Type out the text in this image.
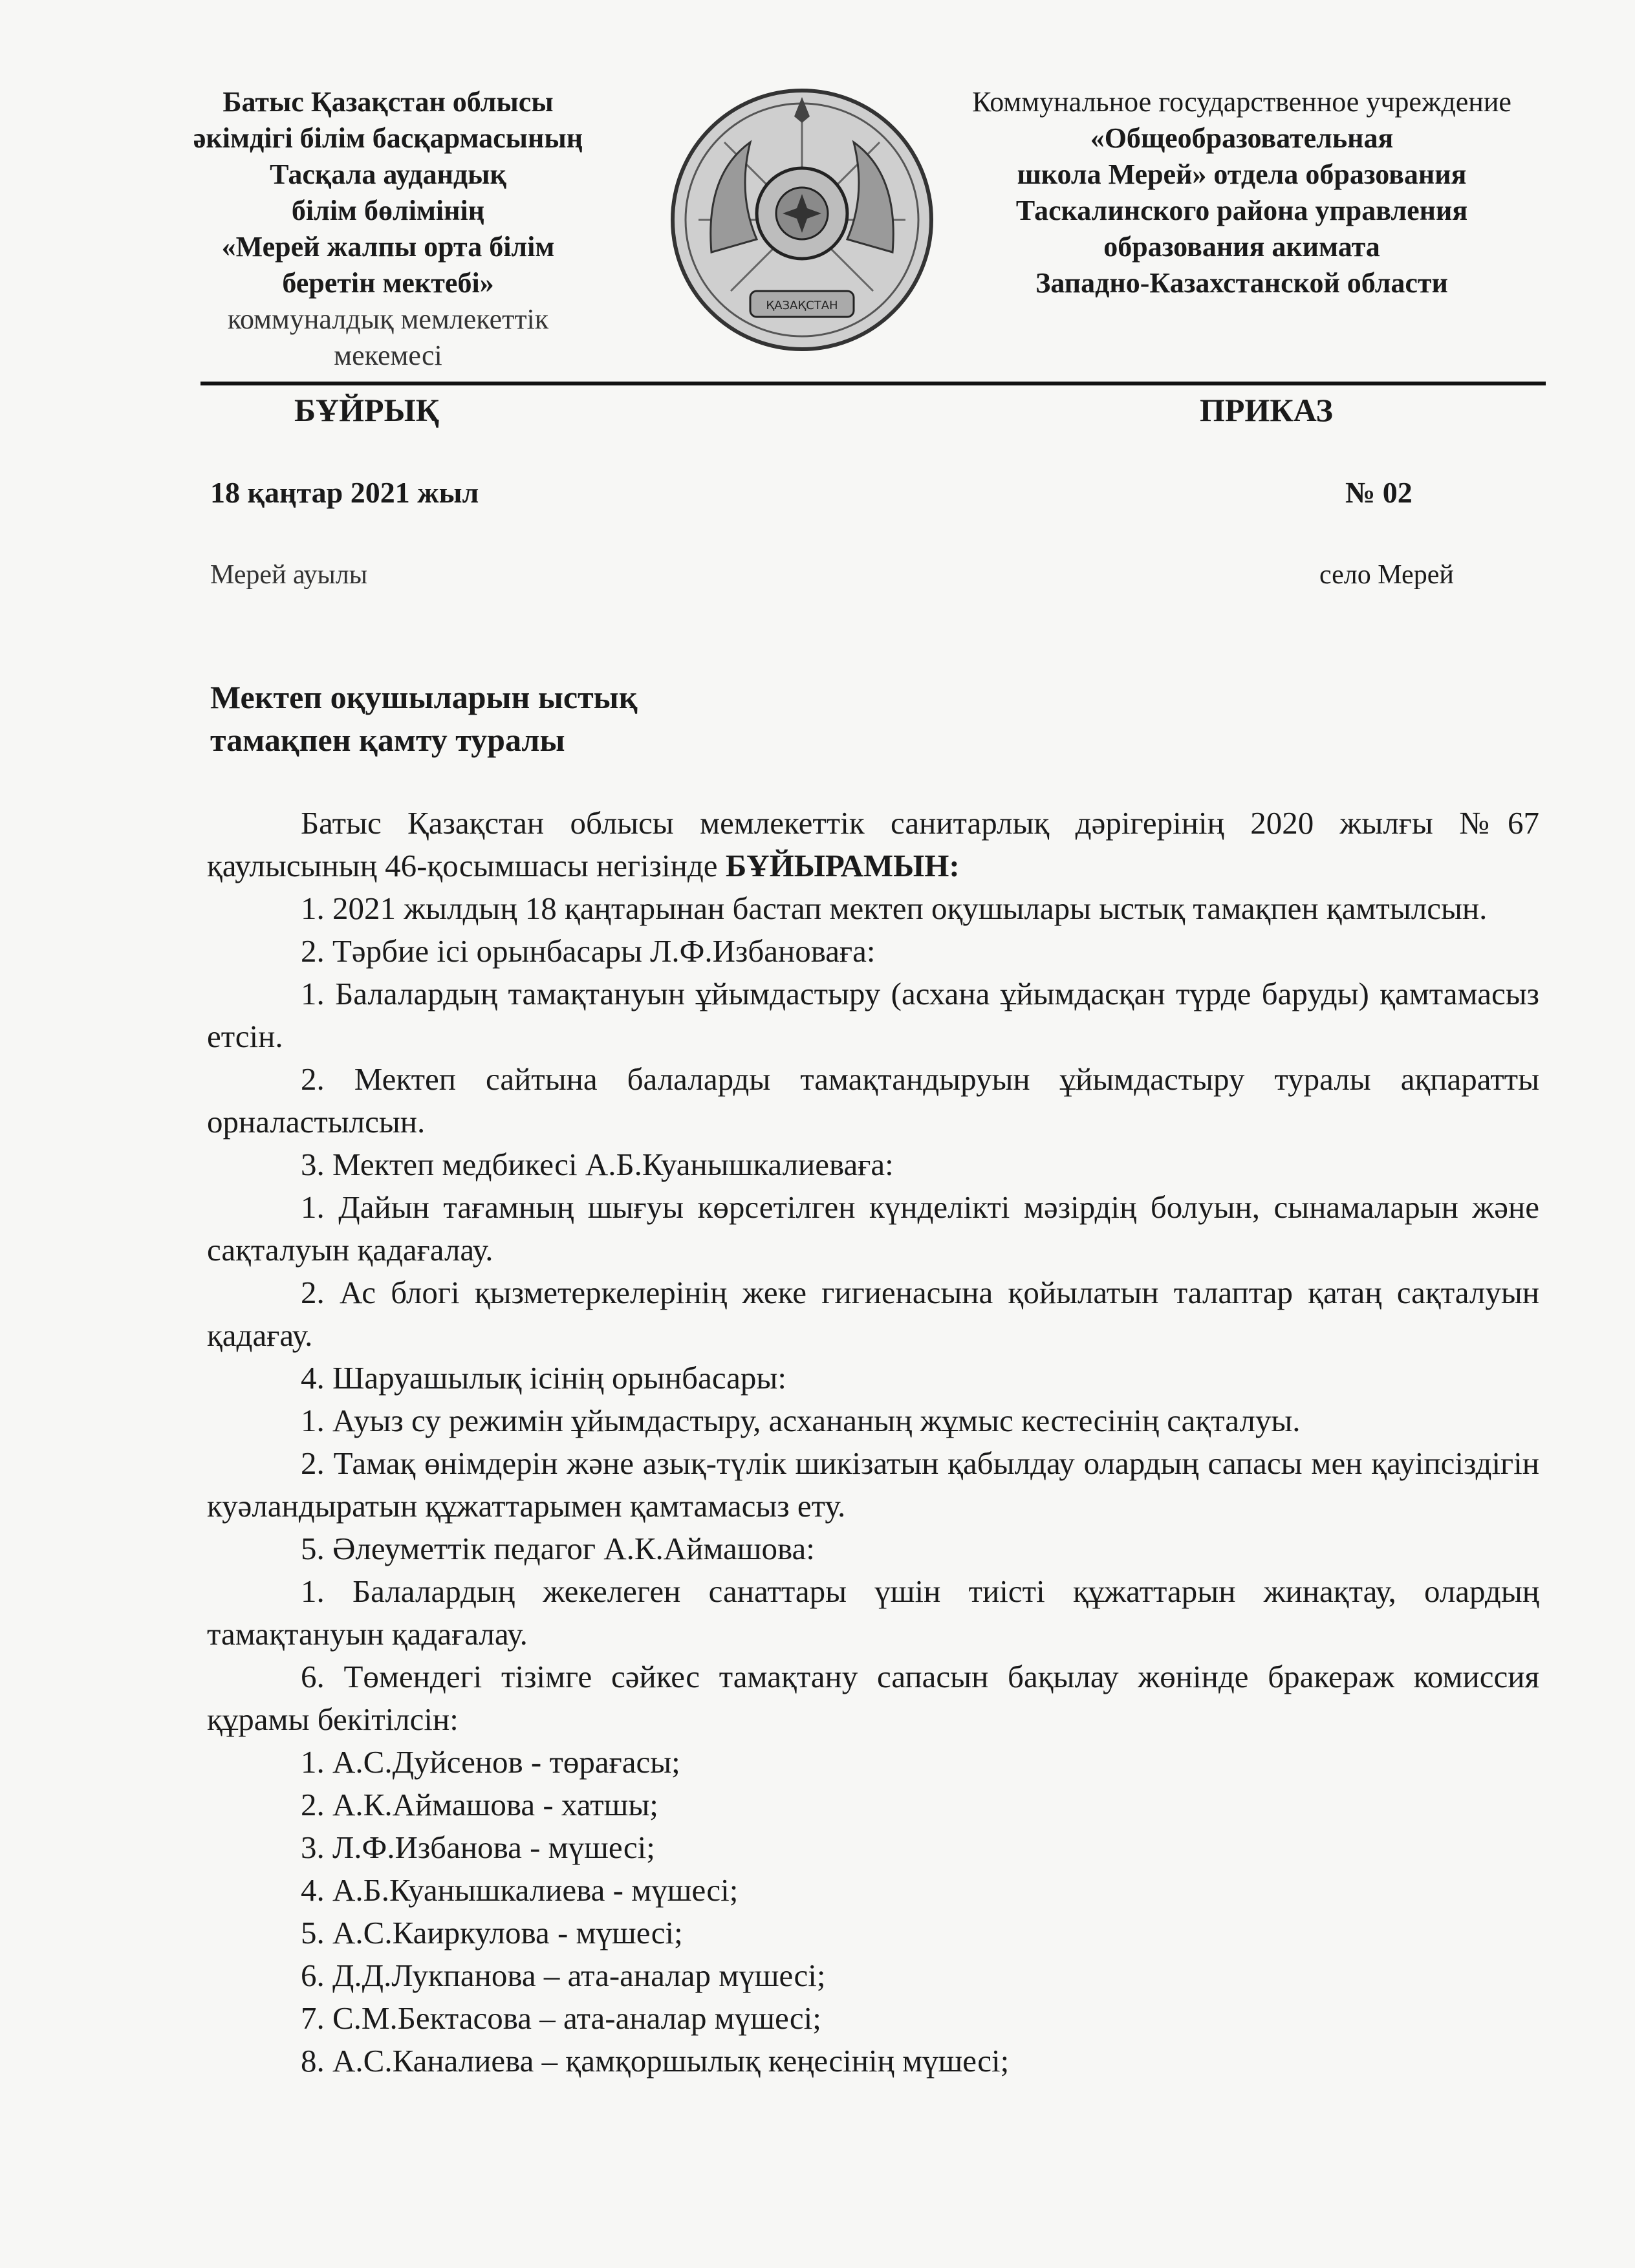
Батыс Қазақстан облысы
әкімдігі білім басқармасының
Тасқала аудандық
білім бөлімінің
«Мерей жалпы орта білім
беретін мектебі»
коммуналдық мемлекеттік
мекемесі
ҚАЗАҚСТАН
Коммунальное государственное учреждение
«Общеобразовательная
школа Мерей» отдела образования
Таскалинского района управления
образования акимата
Западно-Казахстанской области
БҰЙРЫҚ	ПРИКАЗ
18 қаңтар 2021 жыл	№ 02
Мерей ауылы	село Мерей
Мектеп оқушыларын ыстық
тамақпен қамту туралы

Батыс Қазақстан облысы мемлекеттік санитарлық дәрігерінің 2020 жылғы №67 қаулысының 46-қосымшасы негізінде БҰЙЫРАМЫН:

1. 2021 жылдың 18 қаңтарынан бастап мектеп оқушылары ыстық тамақпен қамтылсын.

2. Тәрбие ісі орынбасары Л.Ф.Избановаға:

1. Балалардың тамақтануын ұйымдастыру (асхана ұйымдасқан түрде баруды) қамтамасыз етсін.

2. Мектеп сайтына балаларды тамақтандыруын ұйымдастыру туралы ақпаратты орналастылсын.

3. Мектеп медбикесі А.Б.Куанышкалиеваға:

1. Дайын тағамның шығуы көрсетілген күнделікті мәзірдің болуын, сынамаларын және сақталуын қадағалау.

2. Ас блогі қызметеркелерінің жеке гигиенасына қойылатын талаптар қатаң сақталуын қадағау.

4. Шаруашылық ісінің орынбасары:

1. Ауыз су режимін ұйымдастыру, асхананың жұмыс кестесінің сақталуы.

2. Тамақ өнімдерін және азық-түлік шикізатын қабылдау олардың сапасы мен қауіпсіздігін куәландыратын құжаттарымен қамтамасыз ету.

5. Әлеуметтік педагог А.К.Аймашова:

1. Балалардың жекелеген санаттары үшін тиісті құжаттарын жинақтау, олардың тамақтануын қадағалау.

6. Төмендегі тізімге сәйкес тамақтану сапасын бақылау жөнінде бракераж комиссия құрамы бекітілсін:

1. А.С.Дуйсенов - төрағасы;

2. А.К.Аймашова - хатшы;

3. Л.Ф.Избанова - мүшесі;

4. А.Б.Куанышкалиева - мүшесі;

5. А.С.Каиркулова - мүшесі;

6. Д.Д.Лукпанова – ата-аналар мүшесі;

7. С.М.Бектасова – ата-аналар мүшесі;

8. А.С.Каналиева – қамқоршылық кеңесінің мүшесі;
